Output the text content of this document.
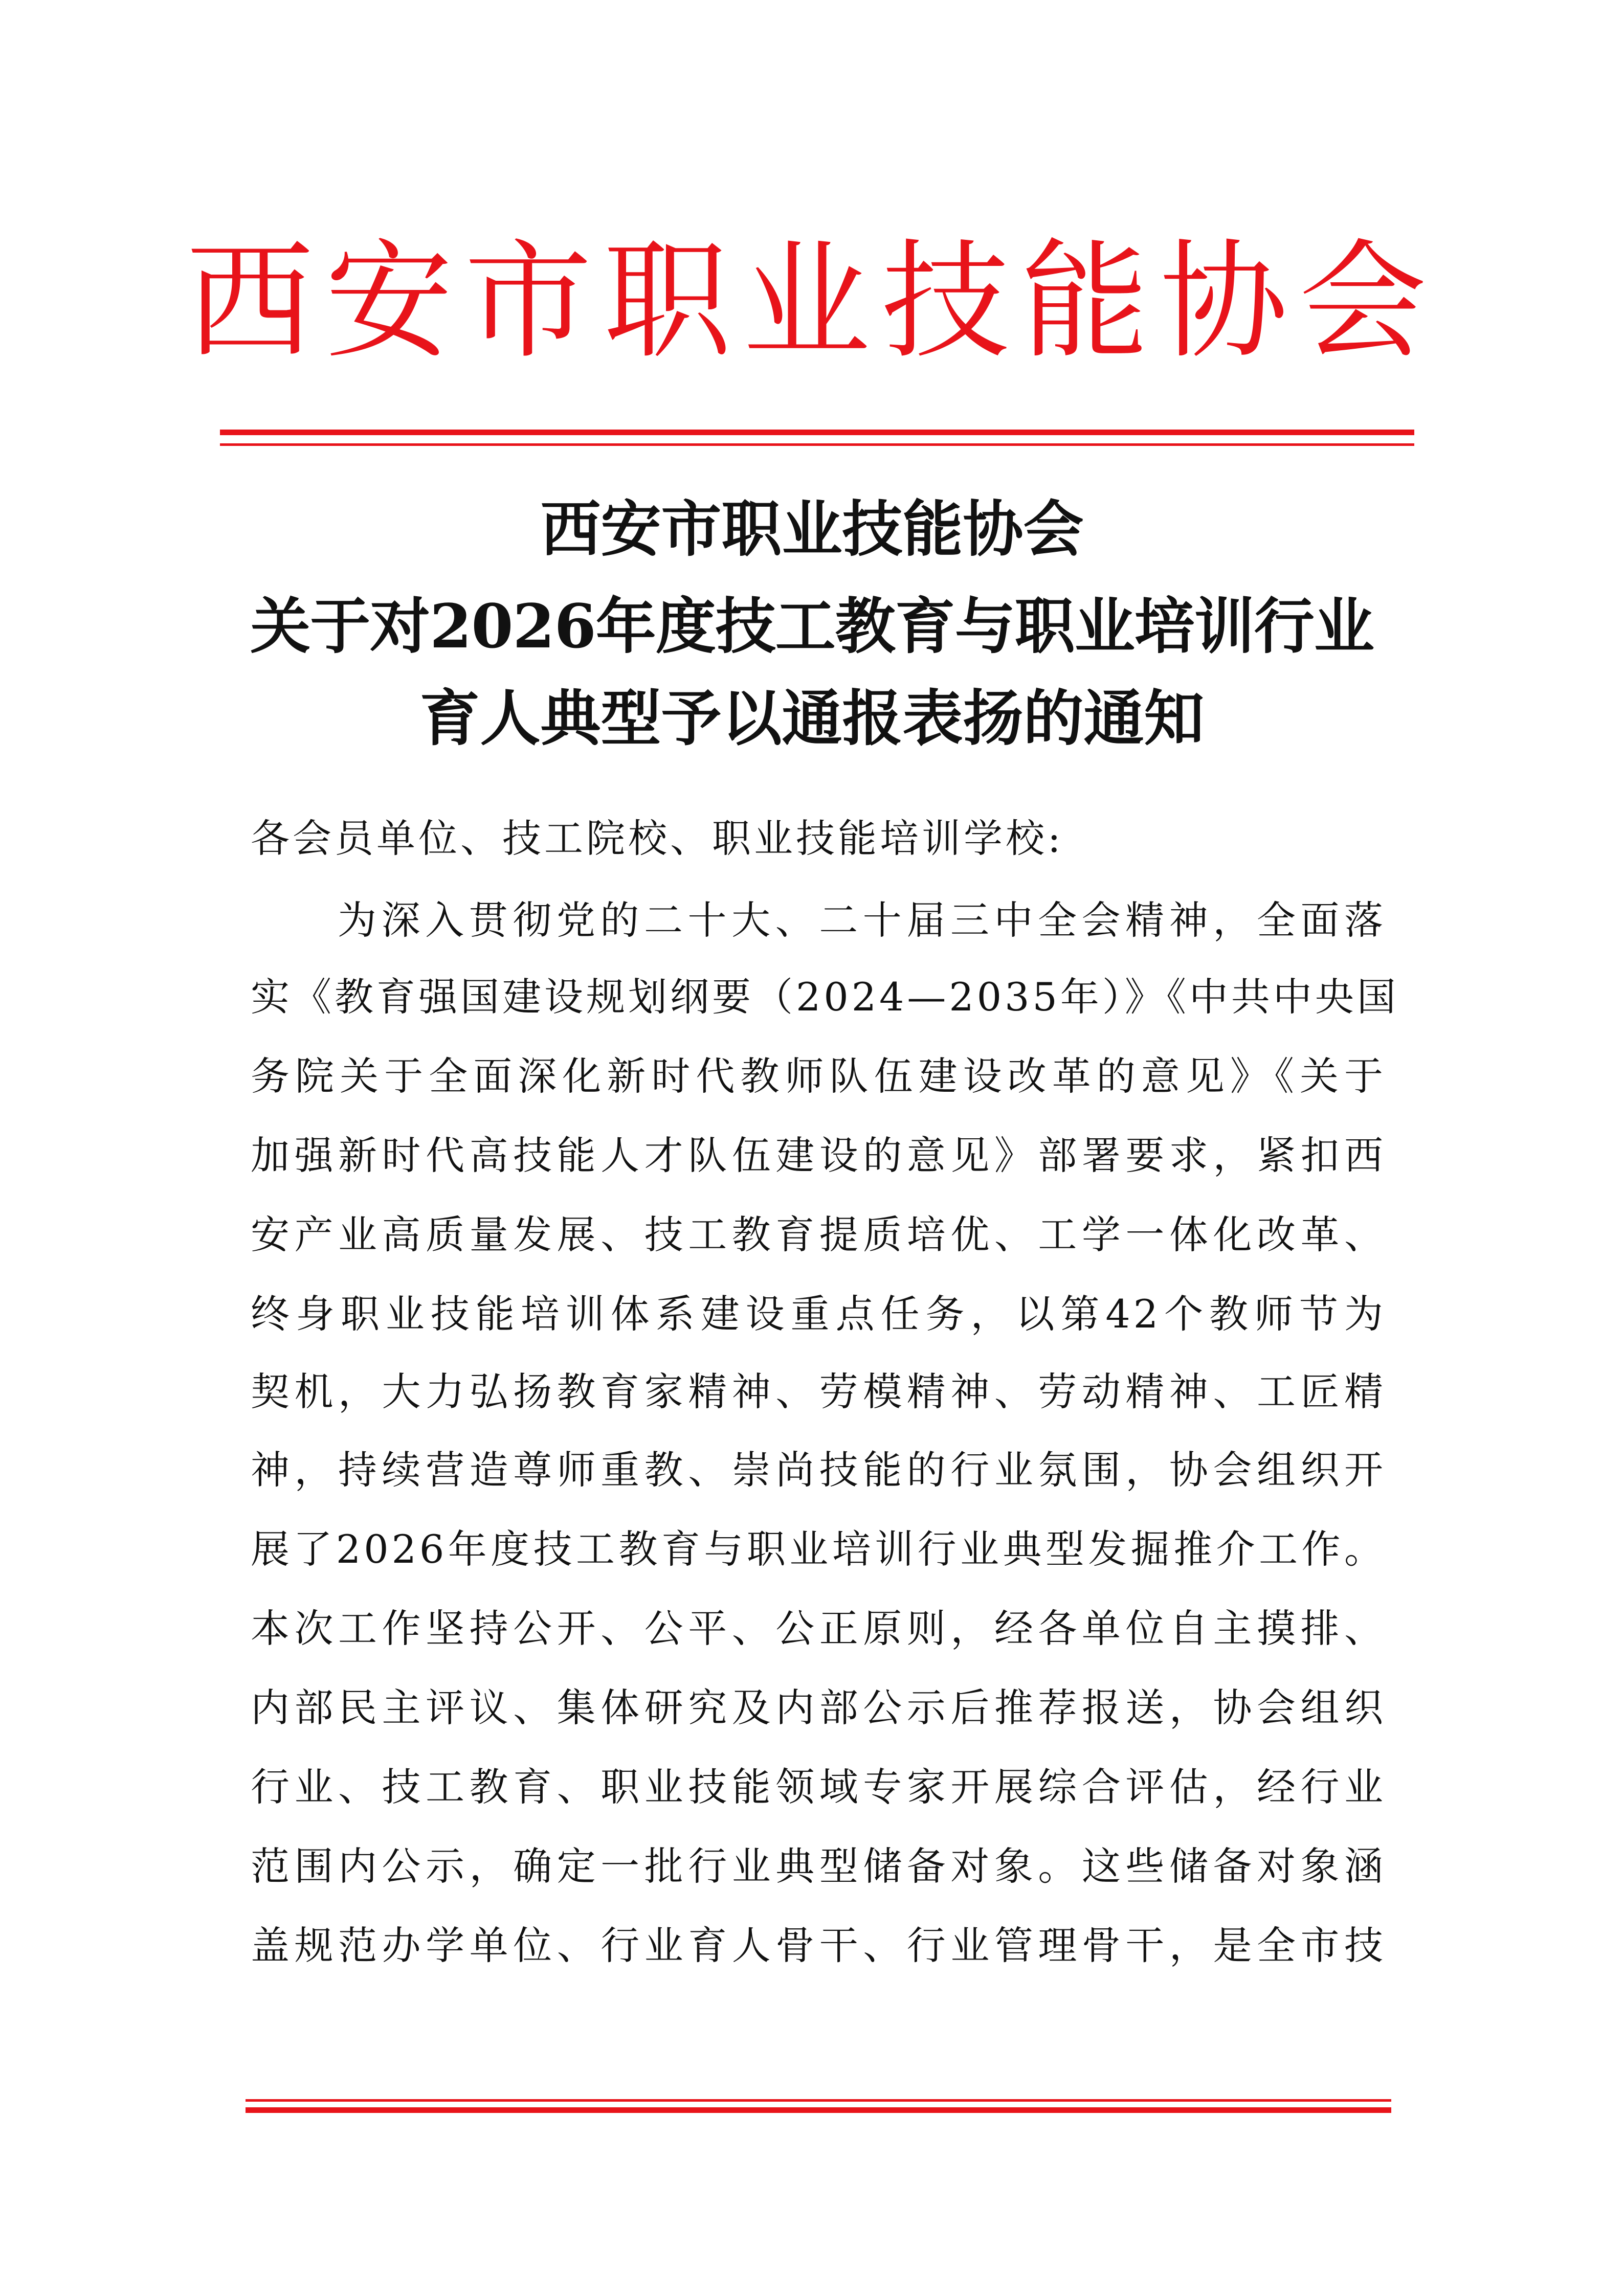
西安市职业技能协会
西安市职业技能协会
关于对2026年度技工教育与职业培训行业
育人典型予以通报表扬的通知
各会员单位、技工院校、职业技能培训学校:
为深入贯彻党的二十大、二十届三中全会精神，全面落
实《教育强国建设规划纲要（2024—2035年）》《中共中央国
务院关于全面深化新时代教师队伍建设改革的意见》《关于
加强新时代高技能人才队伍建设的意见》部署要求，紧扣西
安产业高质量发展、技工教育提质培优、工学一体化改革、
终身职业技能培训体系建设重点任务，以第42个教师节为
契机，大力弘扬教育家精神、劳模精神、劳动精神、工匠精
神，持续营造尊师重教、崇尚技能的行业氛围，协会组织开
展了2026年度技工教育与职业培训行业典型发掘推介工作。
本次工作坚持公开、公平、公正原则，经各单位自主摸排、
内部民主评议、集体研究及内部公示后推荐报送，协会组织
行业、技工教育、职业技能领域专家开展综合评估，经行业
范围内公示，确定一批行业典型储备对象。这些储备对象涵
盖规范办学单位、行业育人骨干、行业管理骨干，是全市技
